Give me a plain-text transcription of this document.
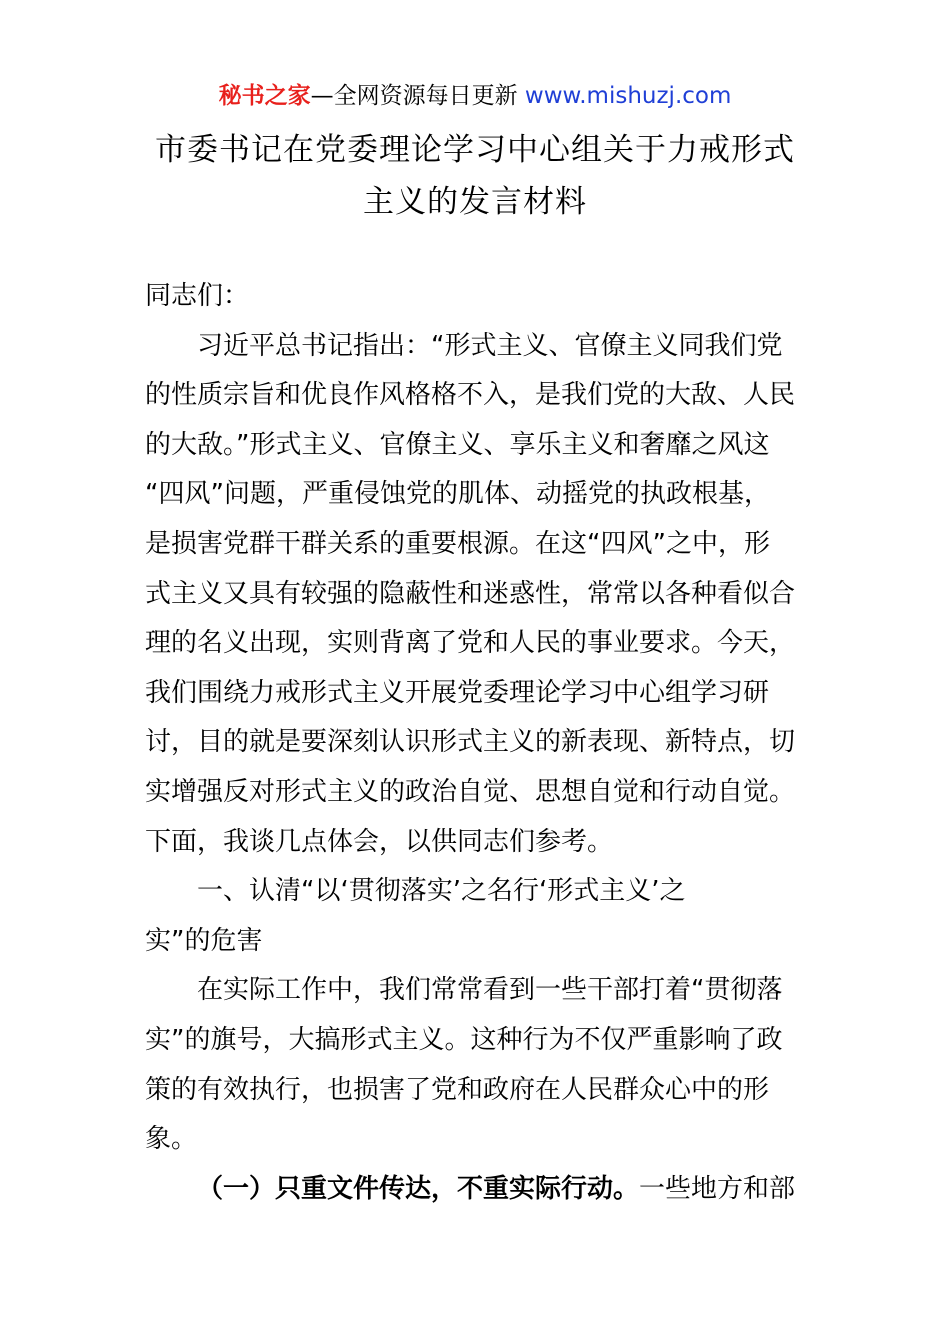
秘书之家—全网资源每日更新 www.mishuzj.com
市委书记在党委理论学习中心组关于力戒形式
主义的发言材料
同志们：
习近平总书记指出：“形式主义、官僚主义同我们党
的性质宗旨和优良作风格格不入，是我们党的大敌、人民
的大敌。”形式主义、官僚主义、享乐主义和奢靡之风这
“四风”问题，严重侵蚀党的肌体、动摇党的执政根基，
是损害党群干群关系的重要根源。在这“四风”之中，形
式主义又具有较强的隐蔽性和迷惑性，常常以各种看似合
理的名义出现，实则背离了党和人民的事业要求。今天，
我们围绕力戒形式主义开展党委理论学习中心组学习研
讨，目的就是要深刻认识形式主义的新表现、新特点，切
实增强反对形式主义的政治自觉、思想自觉和行动自觉。
下面，我谈几点体会，以供同志们参考。
一、认清“以‘贯彻落实’之名行‘形式主义’之
实”的危害
在实际工作中，我们常常看到一些干部打着“贯彻落
实”的旗号，大搞形式主义。这种行为不仅严重影响了政
策的有效执行，也损害了党和政府在人民群众心中的形
象。
（一）只重文件传达，不重实际行动。一些地方和部
